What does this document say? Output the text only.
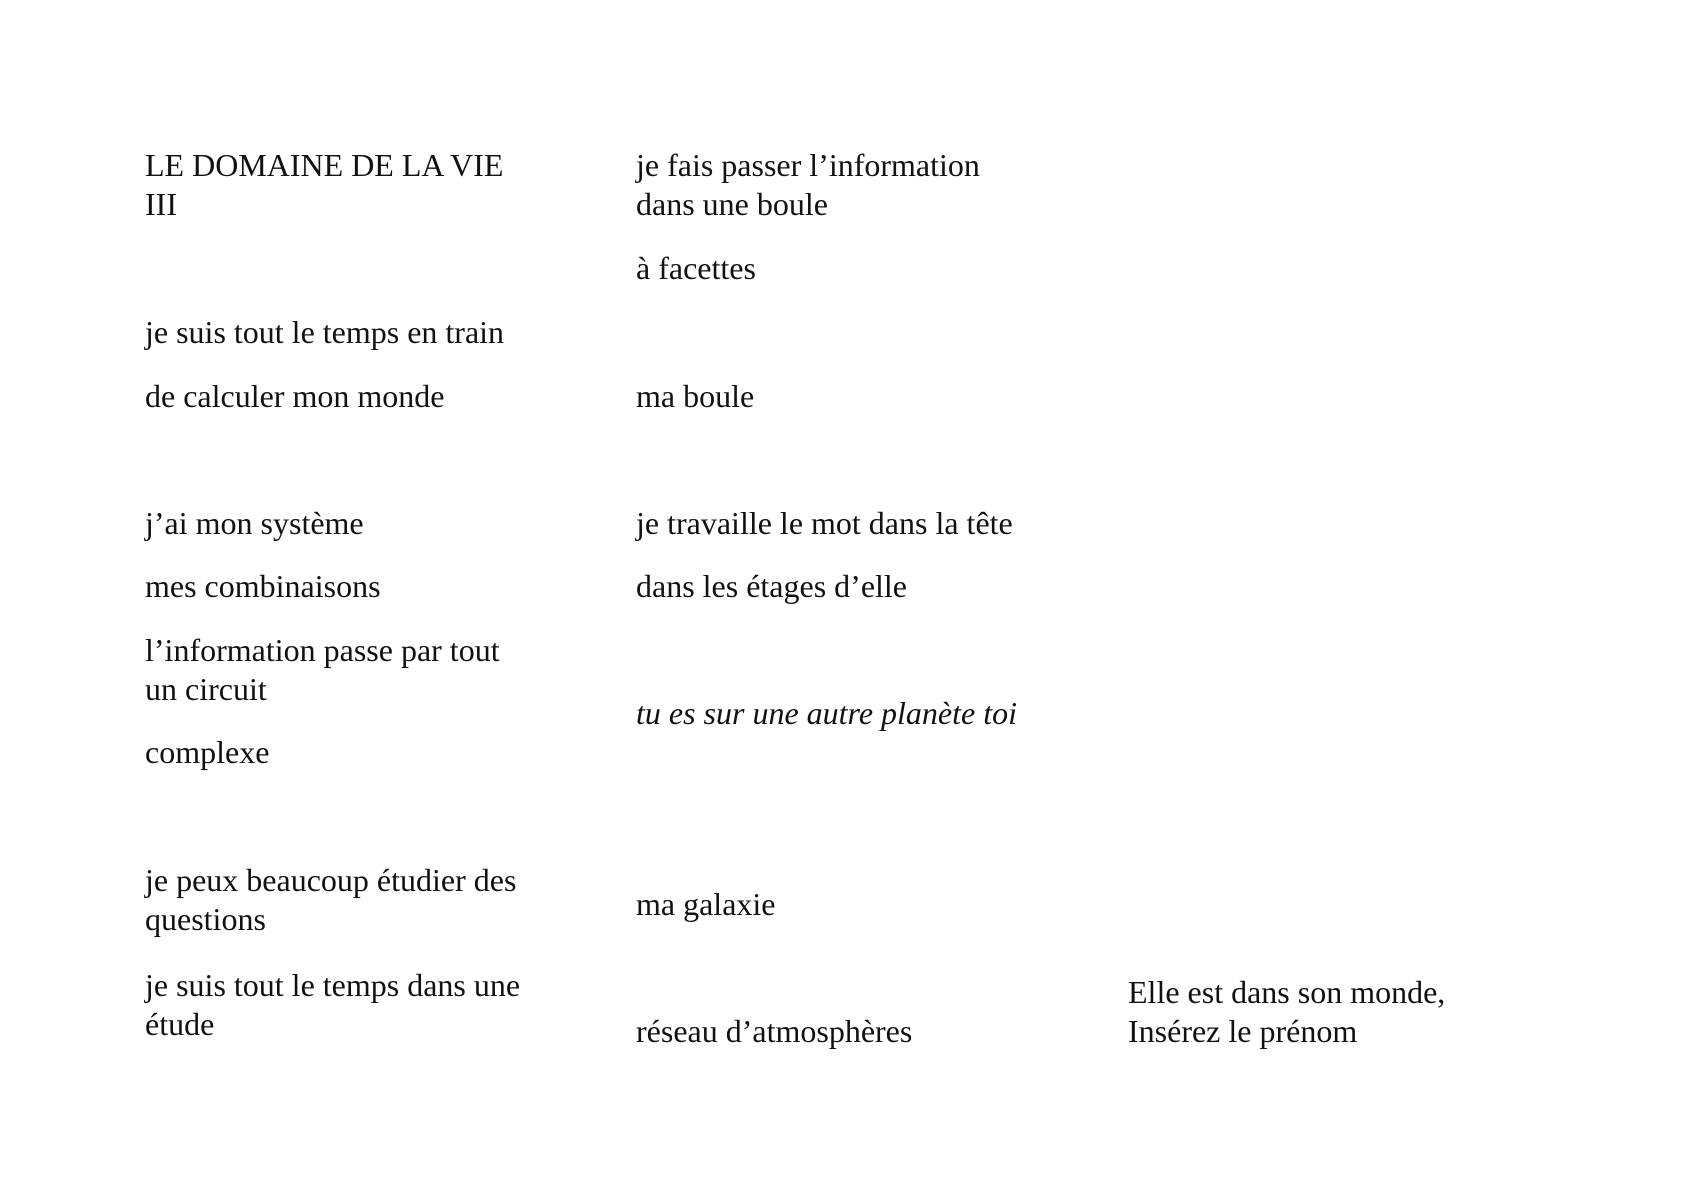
LE DOMAINE DE LA VIE

III

je suis tout le temps en train

de calculer mon monde

j’ai mon système

mes combinaisons

l’information passe par tout

un circuit

complexe

je peux beaucoup étudier des

questions

je suis tout le temps dans une

étude

je fais passer l’information

dans une boule

à facettes

ma boule

je travaille le mot dans la tête

dans les étages d’elle

tu es sur une autre planète toi

ma galaxie

réseau d’atmosphères

Elle est dans son monde,

Insérez le prénom
